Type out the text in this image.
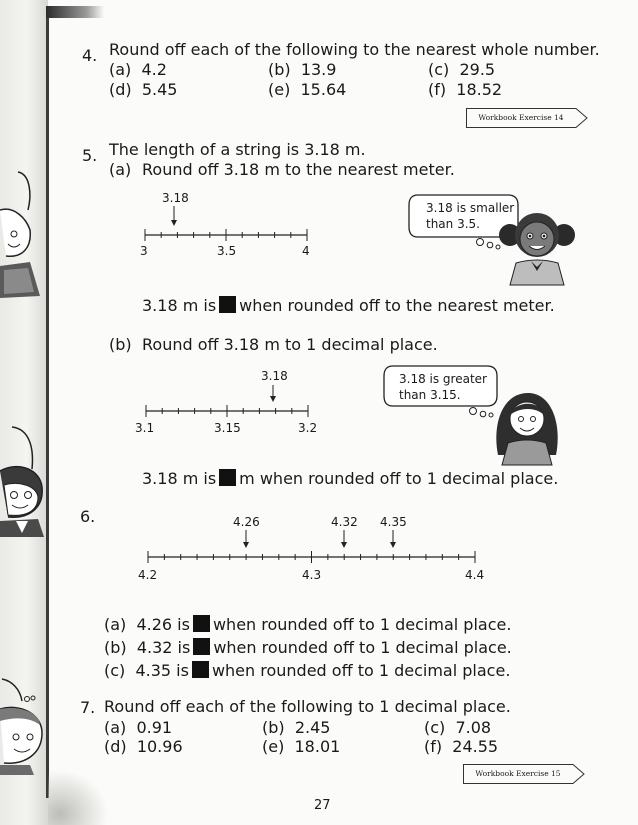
4. Round off each of the following to the nearest whole number.
(a) 4.2	(b) 13.9	(c) 29.5
(d) 5.45	(e) 15.64	(f) 18.52
Workbook Exercise 14
5. The length of a string is 3.18 m.
(a) Round off 3.18 m to the nearest meter.
3.18
3	3.5	4
3.18 is smaller
than 3.5.
3.18 m is when rounded off to the nearest meter.
(b) Round off 3.18 m to 1 decimal place.
3.18
3.1	3.15	3.2
3.18 is greater
than 3.15.
3.18 m is m when rounded off to 1 decimal place.
6.	4.26	4.32 4.35
4.2	4.3	4.4
(a) 4.26 is when rounded off to 1 decimal place.
(b) 4.32 is when rounded off to 1 decimal place.
(c) 4.35 is when rounded off to 1 decimal place.
7. Round off each of the following to 1 decimal place.
(a) 0.91	(b) 2.45	(c) 7.08
(d) 10.96	(e) 18.01	(f) 24.55
Workbook Exercise 15
27
